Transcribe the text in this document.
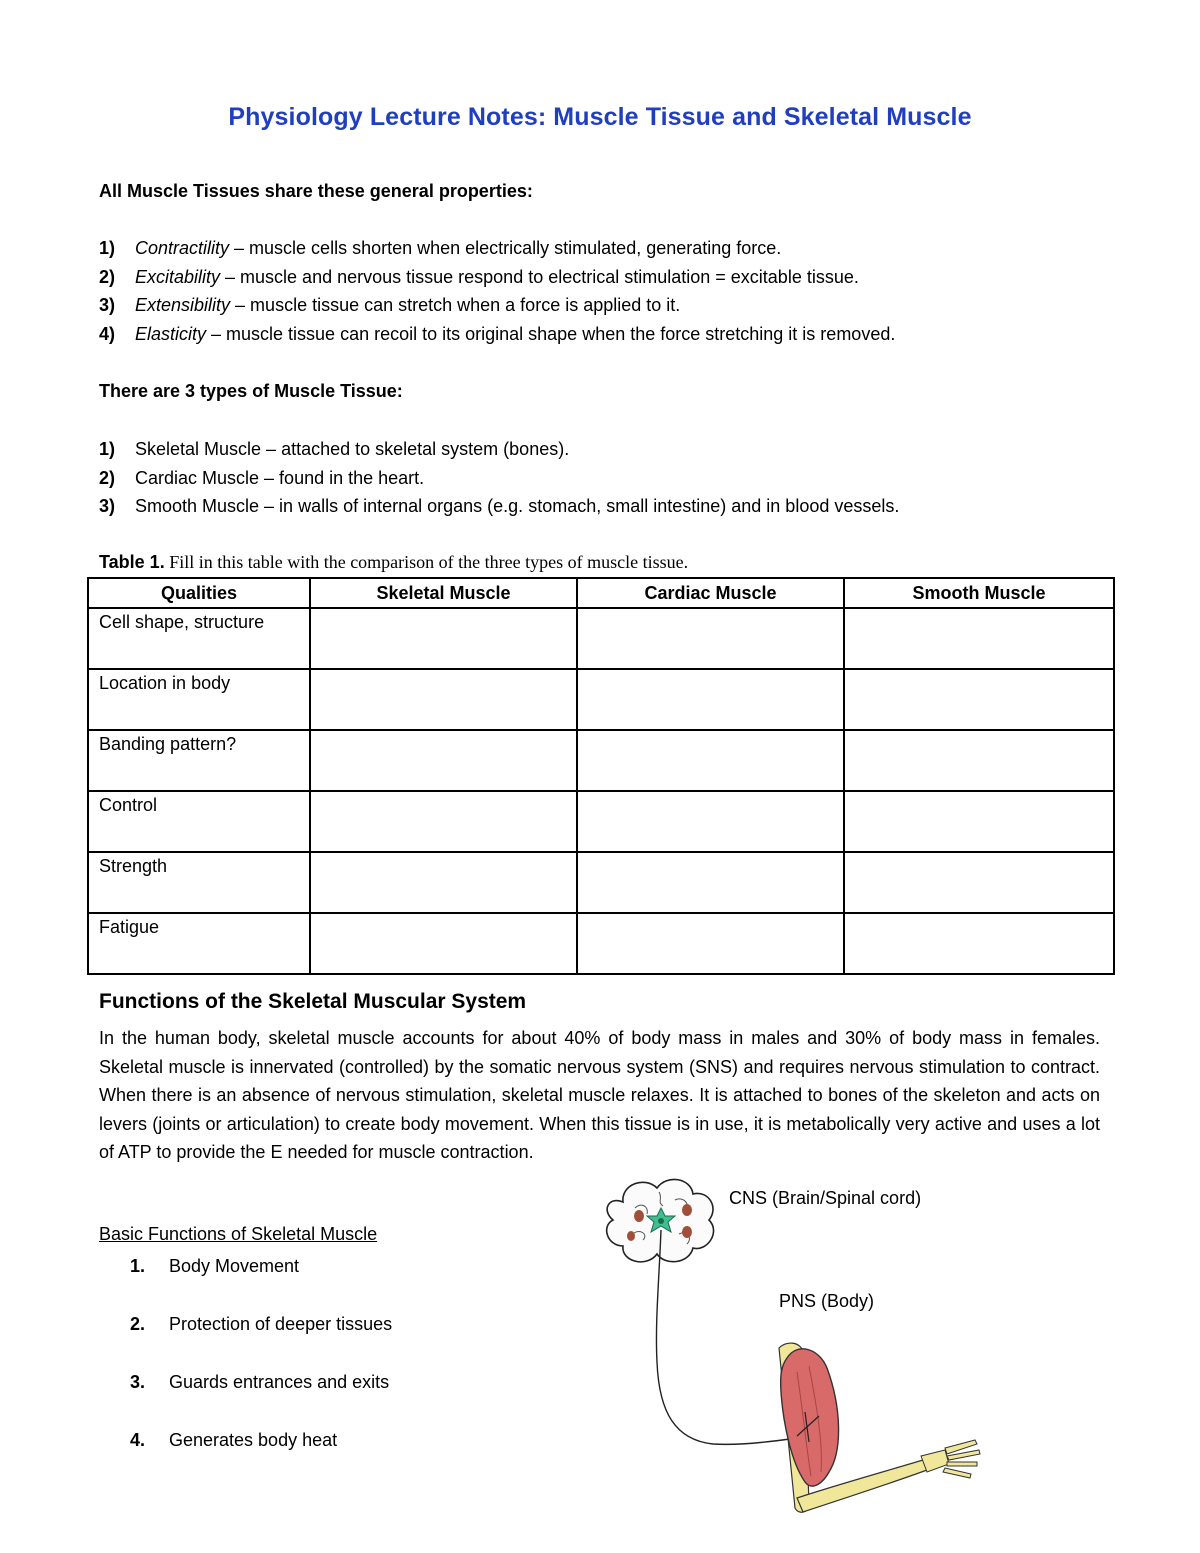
Physiology Lecture Notes: Muscle Tissue and Skeletal Muscle
All Muscle Tissues share these general properties:
1) Contractility – muscle cells shorten when electrically stimulated, generating force.
2) Excitability – muscle and nervous tissue respond to electrical stimulation = excitable tissue.
3) Extensibility – muscle tissue can stretch when a force is applied to it.
4) Elasticity – muscle tissue can recoil to its original shape when the force stretching it is removed.
There are 3 types of Muscle Tissue:
1) Skeletal Muscle – attached to skeletal system (bones).
2) Cardiac Muscle – found in the heart.
3) Smooth Muscle – in walls of internal organs (e.g. stomach, small intestine) and in blood vessels.
Table 1. Fill in this table with the comparison of the three types of muscle tissue.
Qualities	Skeletal Muscle	Cardiac Muscle	Smooth Muscle
Cell shape, structure			
Location in body			
Banding pattern?			
Control			
Strength			
Fatigue			
Functions of the Skeletal Muscular System
In the human body, skeletal muscle accounts for about 40% of body mass in males and 30% of body mass in females. Skeletal muscle is innervated (controlled) by the somatic nervous system (SNS) and requires nervous stimulation to contract. When there is an absence of nervous stimulation, skeletal muscle relaxes. It is attached to bones of the skeleton and acts on levers (joints or articulation) to create body movement. When this tissue is in use, it is metabolically very active and uses a lot of ATP to provide the E needed for muscle contraction.
Basic Functions of Skeletal Muscle
1. Body Movement
2. Protection of deeper tissues
3. Guards entrances and exits
4. Generates body heat
CNS (Brain/Spinal cord)
PNS (Body)
